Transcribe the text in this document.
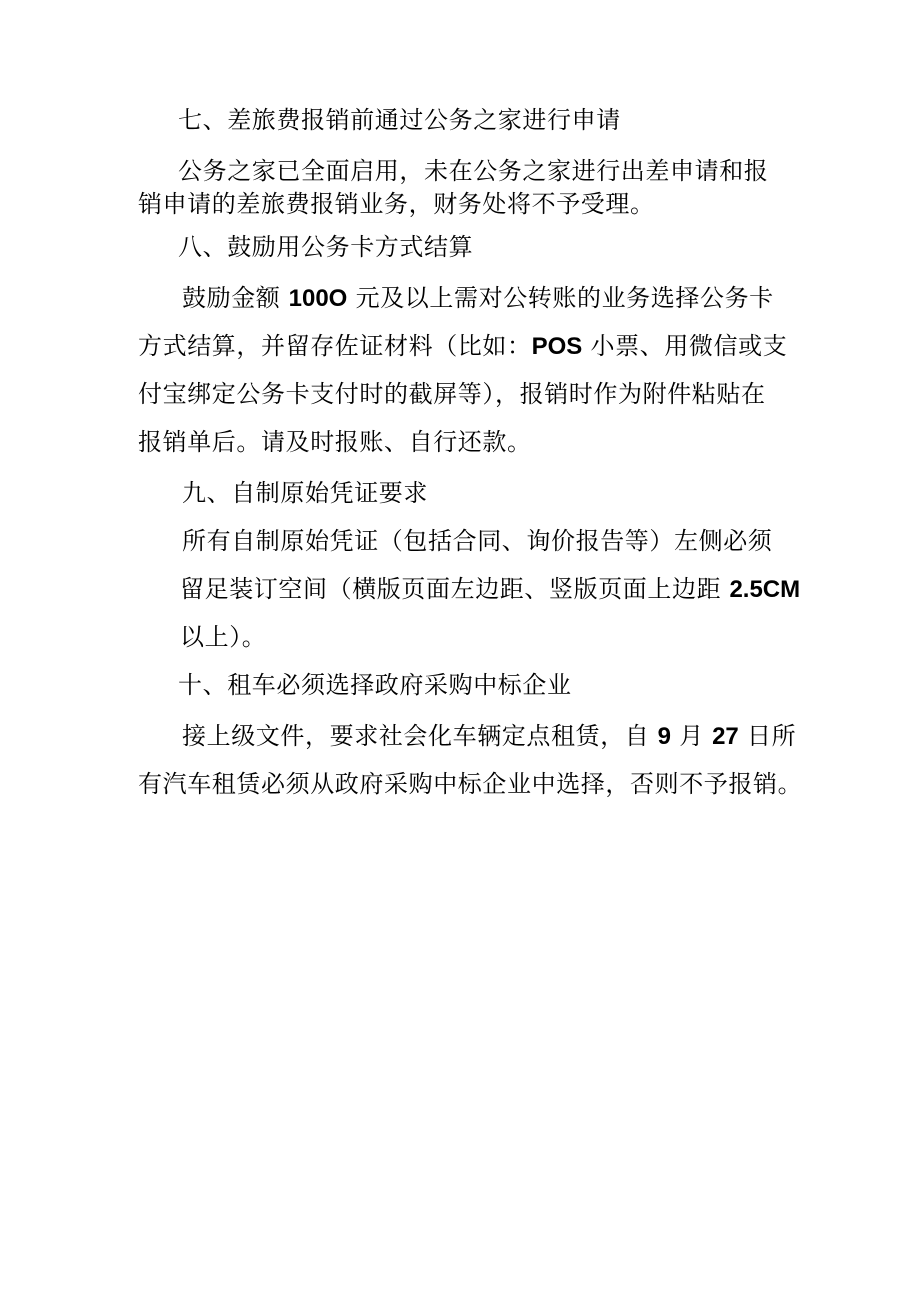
七、差旅费报销前通过公务之家进行申请

公务之家已全面启用，未在公务之家进行出差申请和报

销申请的差旅费报销业务，财务处将不予受理。

八、鼓励用公务卡方式结算

鼓励金额 100O 元及以上需对公转账的业务选择公务卡

方式结算，并留存佐证材料（比如：POS 小票、用微信或支

付宝绑定公务卡支付时的截屏等），报销时作为附件粘贴在

报销单后。请及时报账、自行还款。

九、自制原始凭证要求

所有自制原始凭证（包括合同、询价报告等）左侧必须

留足装订空间（横版页面左边距、竖版页面上边距 2.5CM

以上）。

十、租车必须选择政府采购中标企业

接上级文件，要求社会化车辆定点租赁，自 9 月 27 日所

有汽车租赁必须从政府采购中标企业中选择，否则不予报销。
